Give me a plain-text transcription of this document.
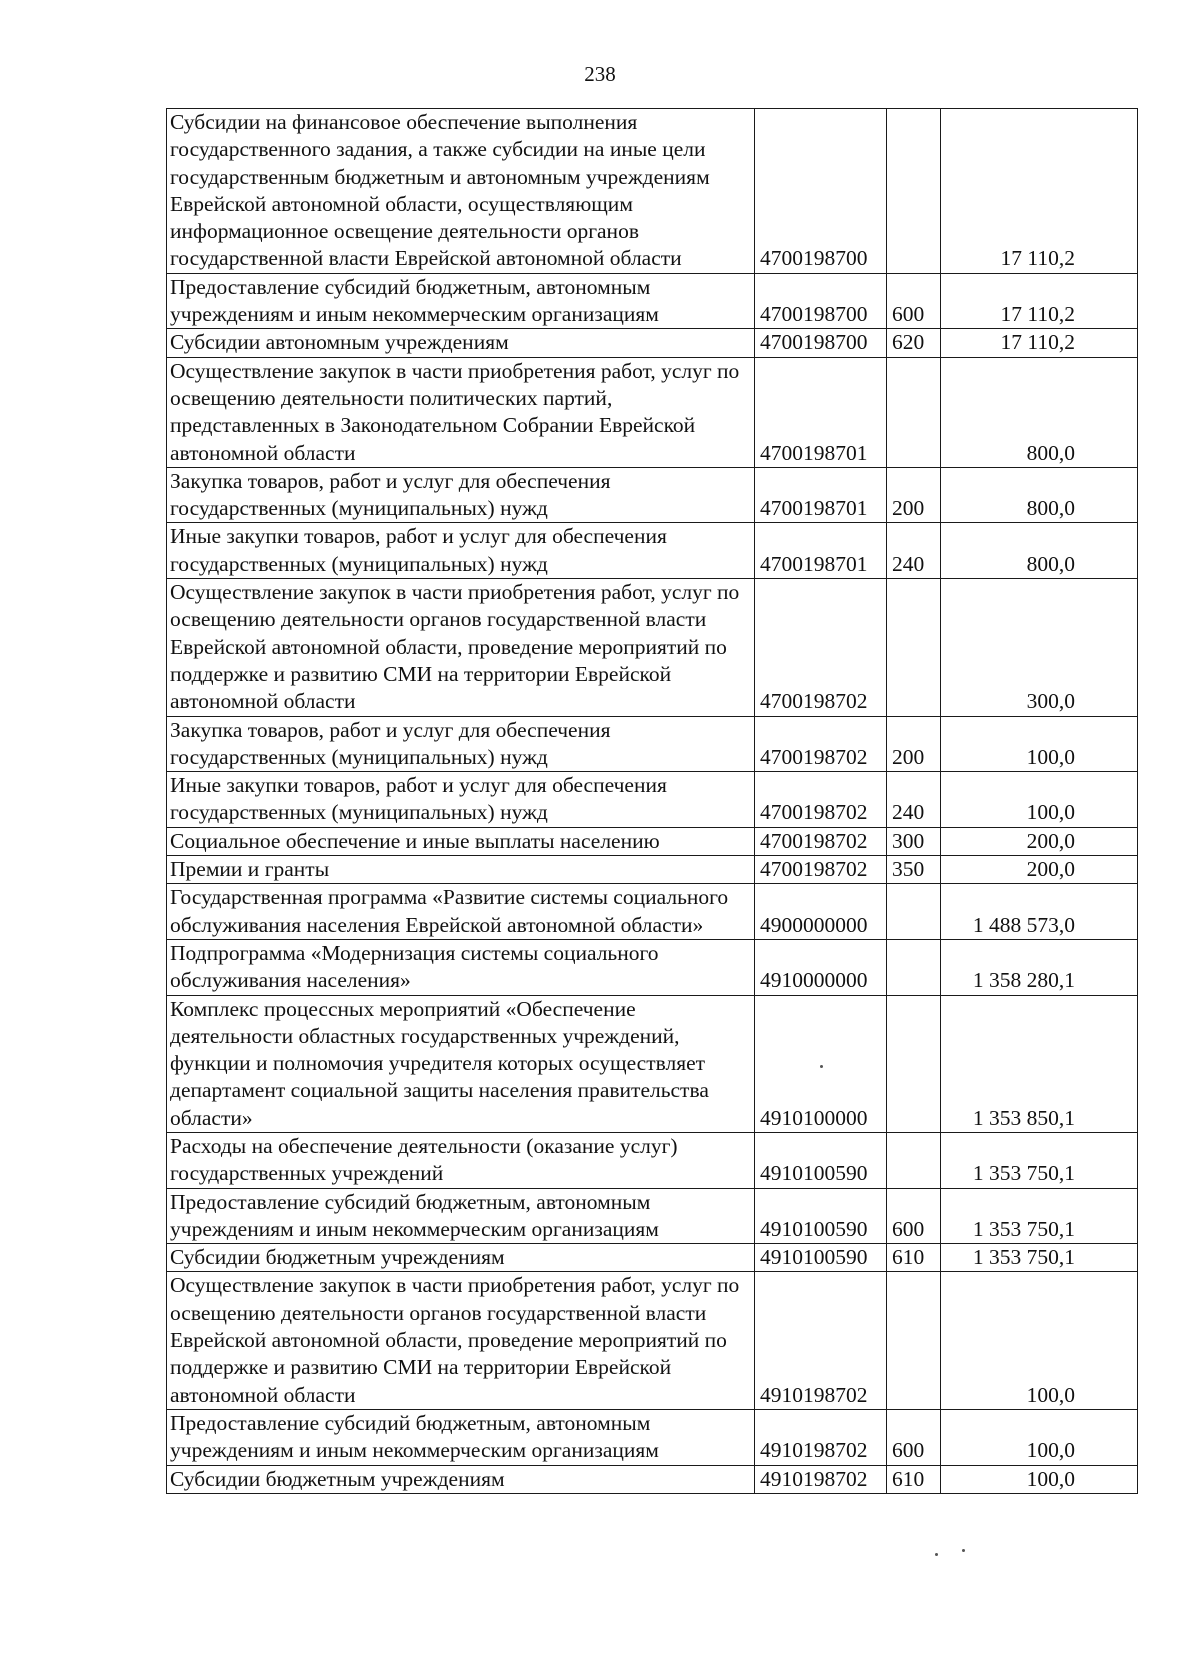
238
Субсидии на финансовое обеспечение выполнения государственного задания, а также субсидии на иные цели государственным бюджетным и автономным учреждениям Еврейской автономной области, осуществляющим информационное освещение деятельности органов государственной власти Еврейской автономной области	4700198700		17 110,2
Предоставление субсидий бюджетным, автономным учреждениям и иным некоммерческим организациям	4700198700	600	17 110,2
Субсидии автономным учреждениям	4700198700	620	17 110,2
Осуществление закупок в части приобретения работ, услуг по освещению деятельности политических партий, представленных в Законодательном Собрании Еврейской автономной области	4700198701		800,0
Закупка товаров, работ и услуг для обеспечения государственных (муниципальных) нужд	4700198701	200	800,0
Иные закупки товаров, работ и услуг для обеспечения государственных (муниципальных) нужд	4700198701	240	800,0
Осуществление закупок в части приобретения работ, услуг по освещению деятельности органов государственной власти Еврейской автономной области, проведение мероприятий по поддержке и развитию СМИ на территории Еврейской автономной области	4700198702		300,0
Закупка товаров, работ и услуг для обеспечения государственных (муниципальных) нужд	4700198702	200	100,0
Иные закупки товаров, работ и услуг для обеспечения государственных (муниципальных) нужд	4700198702	240	100,0
Социальное обеспечение и иные выплаты населению	4700198702	300	200,0
Премии и гранты	4700198702	350	200,0
Государственная программа «Развитие системы социального обслуживания населения Еврейской автономной области»	4900000000		1 488 573,0
Подпрограмма «Модернизация системы социального обслуживания населения»	4910000000		1 358 280,1
Комплекс процессных мероприятий «Обеспечение деятельности областных государственных учреждений, функции и полномочия учредителя которых осуществляет департамент социальной защиты населения правительства области»	4910100000		1 353 850,1
Расходы на обеспечение деятельности (оказание услуг) государственных учреждений	4910100590		1 353 750,1
Предоставление субсидий бюджетным, автономным учреждениям и иным некоммерческим организациям	4910100590	600	1 353 750,1
Субсидии бюджетным учреждениям	4910100590	610	1 353 750,1
Осуществление закупок в части приобретения работ, услуг по освещению деятельности органов государственной власти Еврейской автономной области, проведение мероприятий по поддержке и развитию СМИ на территории Еврейской автономной области	4910198702		100,0
Предоставление субсидий бюджетным, автономным учреждениям и иным некоммерческим организациям	4910198702	600	100,0
Субсидии бюджетным учреждениям	4910198702	610	100,0
